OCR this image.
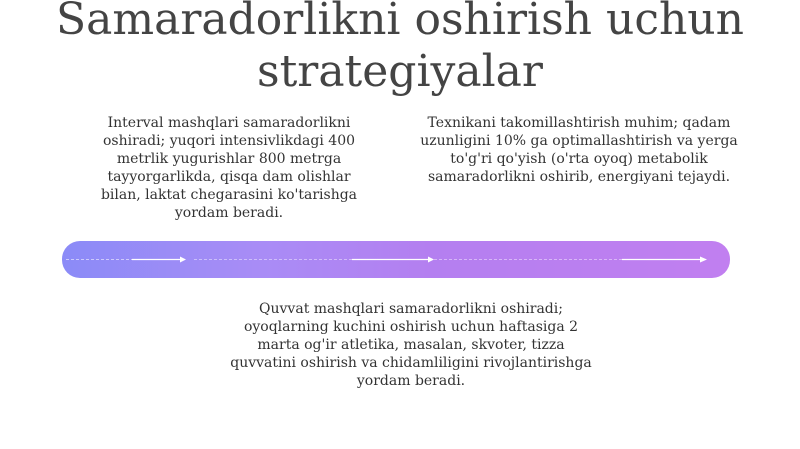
Samaradorlikni oshirish uchun strategiyalar
Interval mashqlari samaradorlikni oshiradi; yuqori intensivlikdagi 400 metrlik yugurishlar 800 metrga tayyorgarlikda, qisqa dam olishlar bilan, laktat chegarasini ko'tarishga yordam beradi.
Texnikani takomillashtirish muhim; qadam uzunligini 10% ga optimallashtirish va yerga to'g'ri qo'yish (o'rta oyoq) metabolik samaradorlikni oshirib, energiyani tejaydi.
Quvvat mashqlari samaradorlikni oshiradi; oyoqlarning kuchini oshirish uchun haftasiga 2 marta og'ir atletika, masalan, skvoter, tizza quvvatini oshirish va chidamliligini rivojlantirishga yordam beradi.
